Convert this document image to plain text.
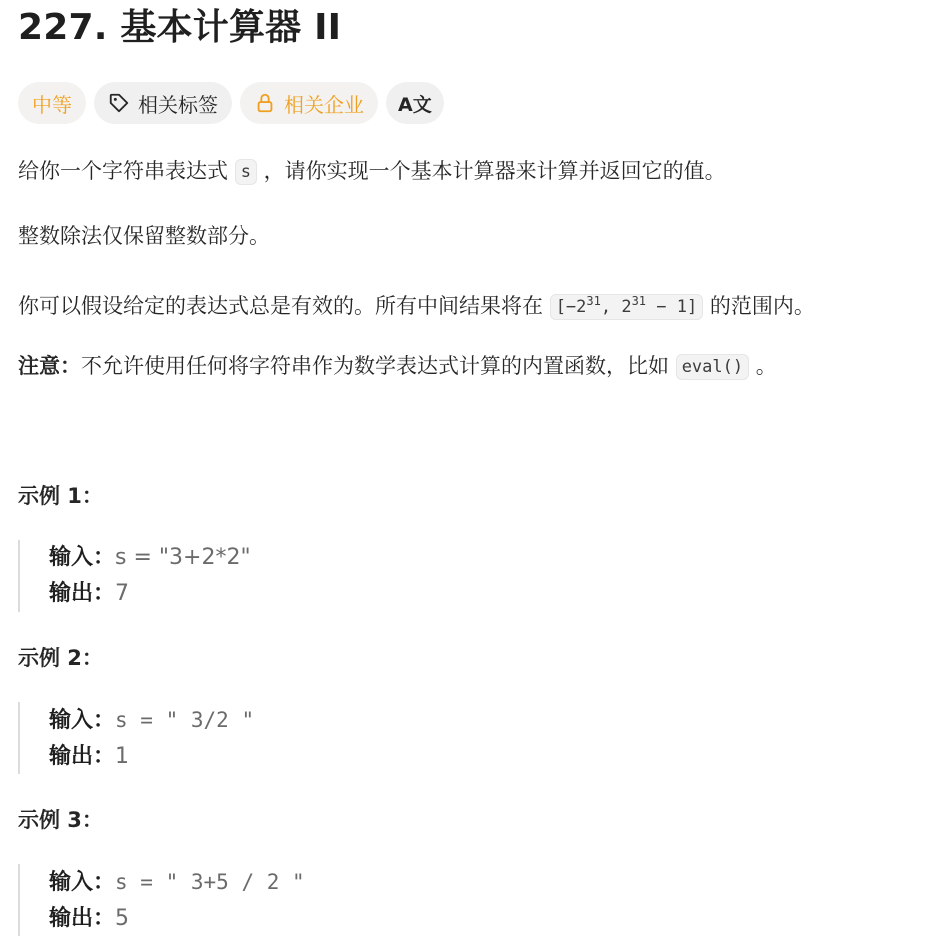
227. 基本计算器 II
中等	相关标签	相关企业 A文

给你一个字符串表达式 s ，请你实现一个基本计算器来计算并返回它的值。

整数除法仅保留整数部分。

你可以假设给定的表达式总是有效的。所有中间结果将在 [$-2^{31}$, $2^{31} - 1$] 的范围内。

注意：不允许使用任何将字符串作为数学表达式计算的内置函数，比如 eval() 。

示例 1：

输入：s = "3+2*2"
输出：7

示例 2：

输入：s = " 3/2 "
输出：1

示例 3：

输入：s = " 3+5 / 2 "
输出：5
